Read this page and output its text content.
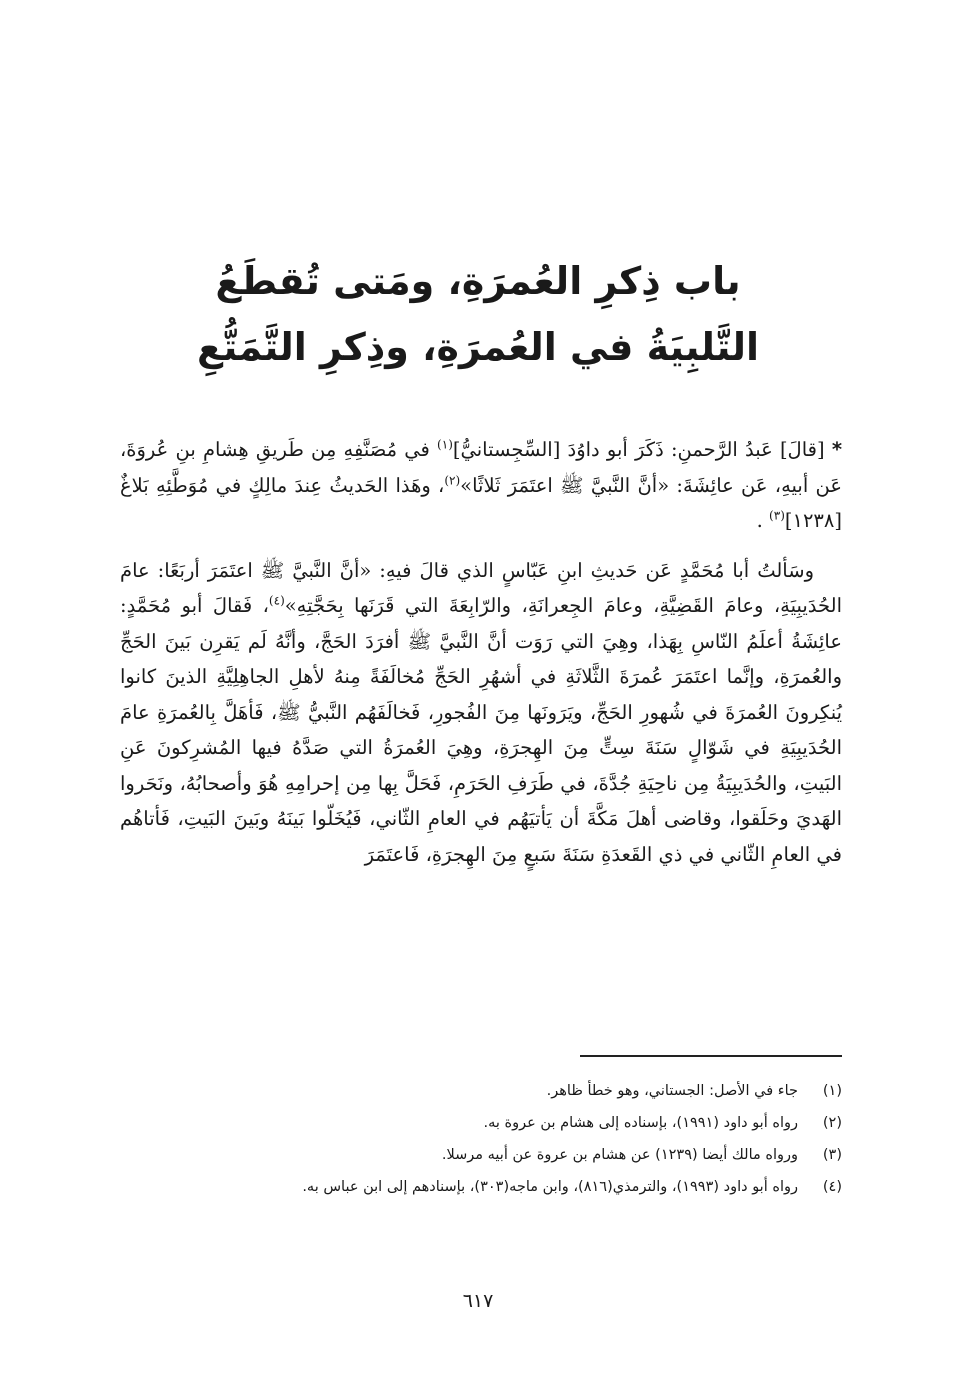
باب ذِكرِ العُمرَةِ، ومَتى تُقطَعُ
التَّلبِيَةُ في العُمرَةِ، وذِكرِ التَّمَتُّعِ

* [قالَ] عَبدُ الرَّحمنِ: ذَكَرَ أبو داوُدَ [السِّجِستانيُّ]$^{(١)}$ في مُصَنَّفِهِ مِن طَريقِ هِشامِ بنِ عُروَةَ، عَن أبيهِ، عَن عائِشَةَ: «أنَّ النَّبيَّ ﷺ اعتَمَرَ ثَلاثًا»$^{(٢)}$، وهَذا الحَديثُ عِندَ مالِكٍ في مُوَطَّئِهِ بَلاغٌ [١٢٣٨]$^{(٣)}$ .

وسَألتُ أبا مُحَمَّدٍ عَن حَديثِ ابنِ عَبّاسٍ الذي قالَ فيهِ: «أنَّ النَّبيَّ ﷺ اعتَمَرَ أربَعًا: عامَ الحُدَيبِيَةِ، وعامَ القَضِيَّةِ، وعامَ الجِعرانَةِ، والرّابِعَةَ التي قَرَنَها بِحَجَّتِهِ»$^{(٤)}$، فَقالَ أبو مُحَمَّدٍ: عائِشَةُ أعلَمُ النّاسِ بِهَذا، وهِيَ التي رَوَت أنَّ النَّبيَّ ﷺ أفرَدَ الحَجَّ، وأنَّهُ لَم يَقرِن بَينَ الحَجِّ والعُمرَةِ، وإنَّما اعتَمَرَ عُمرَةَ الثَّلاثَةِ في أشهُرِ الحَجِّ مُخالَفَةً مِنهُ لأهلِ الجاهِلِيَّةِ الذينَ كانوا يُنكِرونَ العُمرَةَ في شُهورِ الحَجِّ، ويَرَونَها مِنَ الفُجورِ، فَخالَفَهُم النَّبيُّ ﷺ، فَأهَلَّ بِالعُمرَةِ عامَ الحُدَيبِيَةِ في شَوّالٍ سَنَةَ سِتٍّ مِنَ الهِجرَةِ، وهِيَ العُمرَةُ التي صَدَّهُ فيها المُشرِكونَ عَنِ البَيتِ، والحُدَيبِيَةُ مِن ناحِيَةِ جُدَّةَ، في طَرَفِ الحَرَمِ، فَحَلَّ بِها مِن إحرامِهِ هُوَ وأصحابُهُ، ونَحَروا الهَديَ وحَلَقوا، وقاضى أهلَ مَكَّةَ أن يَأتيَهُم في العامِ الثّاني، فَيُخَلّوا بَينَهُ وبَينَ البَيتِ، فَأتاهُم في العامِ الثّاني في ذي القَعدَةِ سَنَةَ سَبعٍ مِنَ الهِجرَةِ، فَاعتَمَرَ

(١)
جاء في الأصل: الجستاني، وهو خطأ ظاهر.
(٢)
رواه أبو داود (١٩٩١)، بإسناده إلى هشام بن عروة به.
(٣)
ورواه مالك أيضا (١٢٣٩) عن هشام بن عروة عن أبيه مرسلا.
(٤)
رواه أبو داود (١٩٩٣)، والترمذي(٨١٦)، وابن ماجه(٣٠٣)، بإسنادهم إلى ابن عباس به.
٦١٧
